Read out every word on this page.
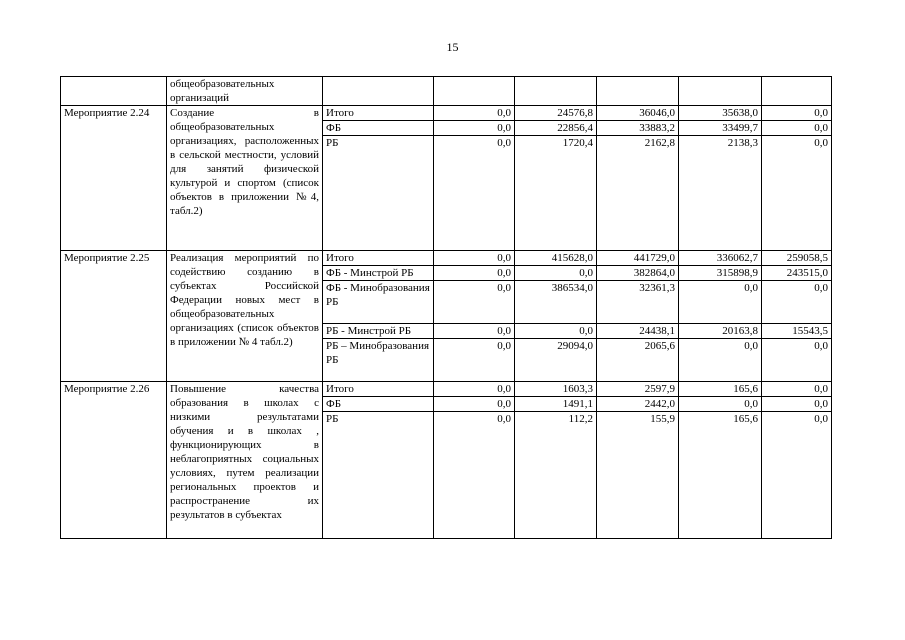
15
	общеобразовательных организаций						
Мероприятие 2.24	Создание в общеобразовательных организациях, расположенных в сельской местности, условий для занятий физической культурой и спортом (список объектов в приложении №4, табл.2)	Итого	0,0	24576,8	36046,0	35638,0	0,0
		ФБ	0,0	22856,4	33883,2	33499,7	0,0
		РБ	0,0	1720,4	2162,8	2138,3	0,0
Мероприятие 2.25	Реализация мероприятий по содействию созданию в субъектах Российской Федерации новых мест в общеобразовательных организациях (список объектов в приложении № 4 табл.2)	Итого	0,0	415628,0	441729,0	336062,7	259058,5
		ФБ - Минстрой РБ	0,0	0,0	382864,0	315898,9	243515,0
		ФБ - Минобразования РБ	0,0	386534,0	32361,3	0,0	0,0
		РБ - Минстрой РБ	0,0	0,0	24438,1	20163,8	15543,5
		РБ – Минобразования РБ	0,0	29094,0	2065,6	0,0	0,0
Мероприятие 2.26	Повышение качества образования в школах с низкими результатами обучения и в школах , функционирующих в неблагоприятных социальных условиях, путем реализации региональных проектов и распространение их результатов в субъектах	Итого	0,0	1603,3	2597,9	165,6	0,0
		ФБ	0,0	1491,1	2442,0	0,0	0,0
		РБ	0,0	112,2	155,9	165,6	0,0
